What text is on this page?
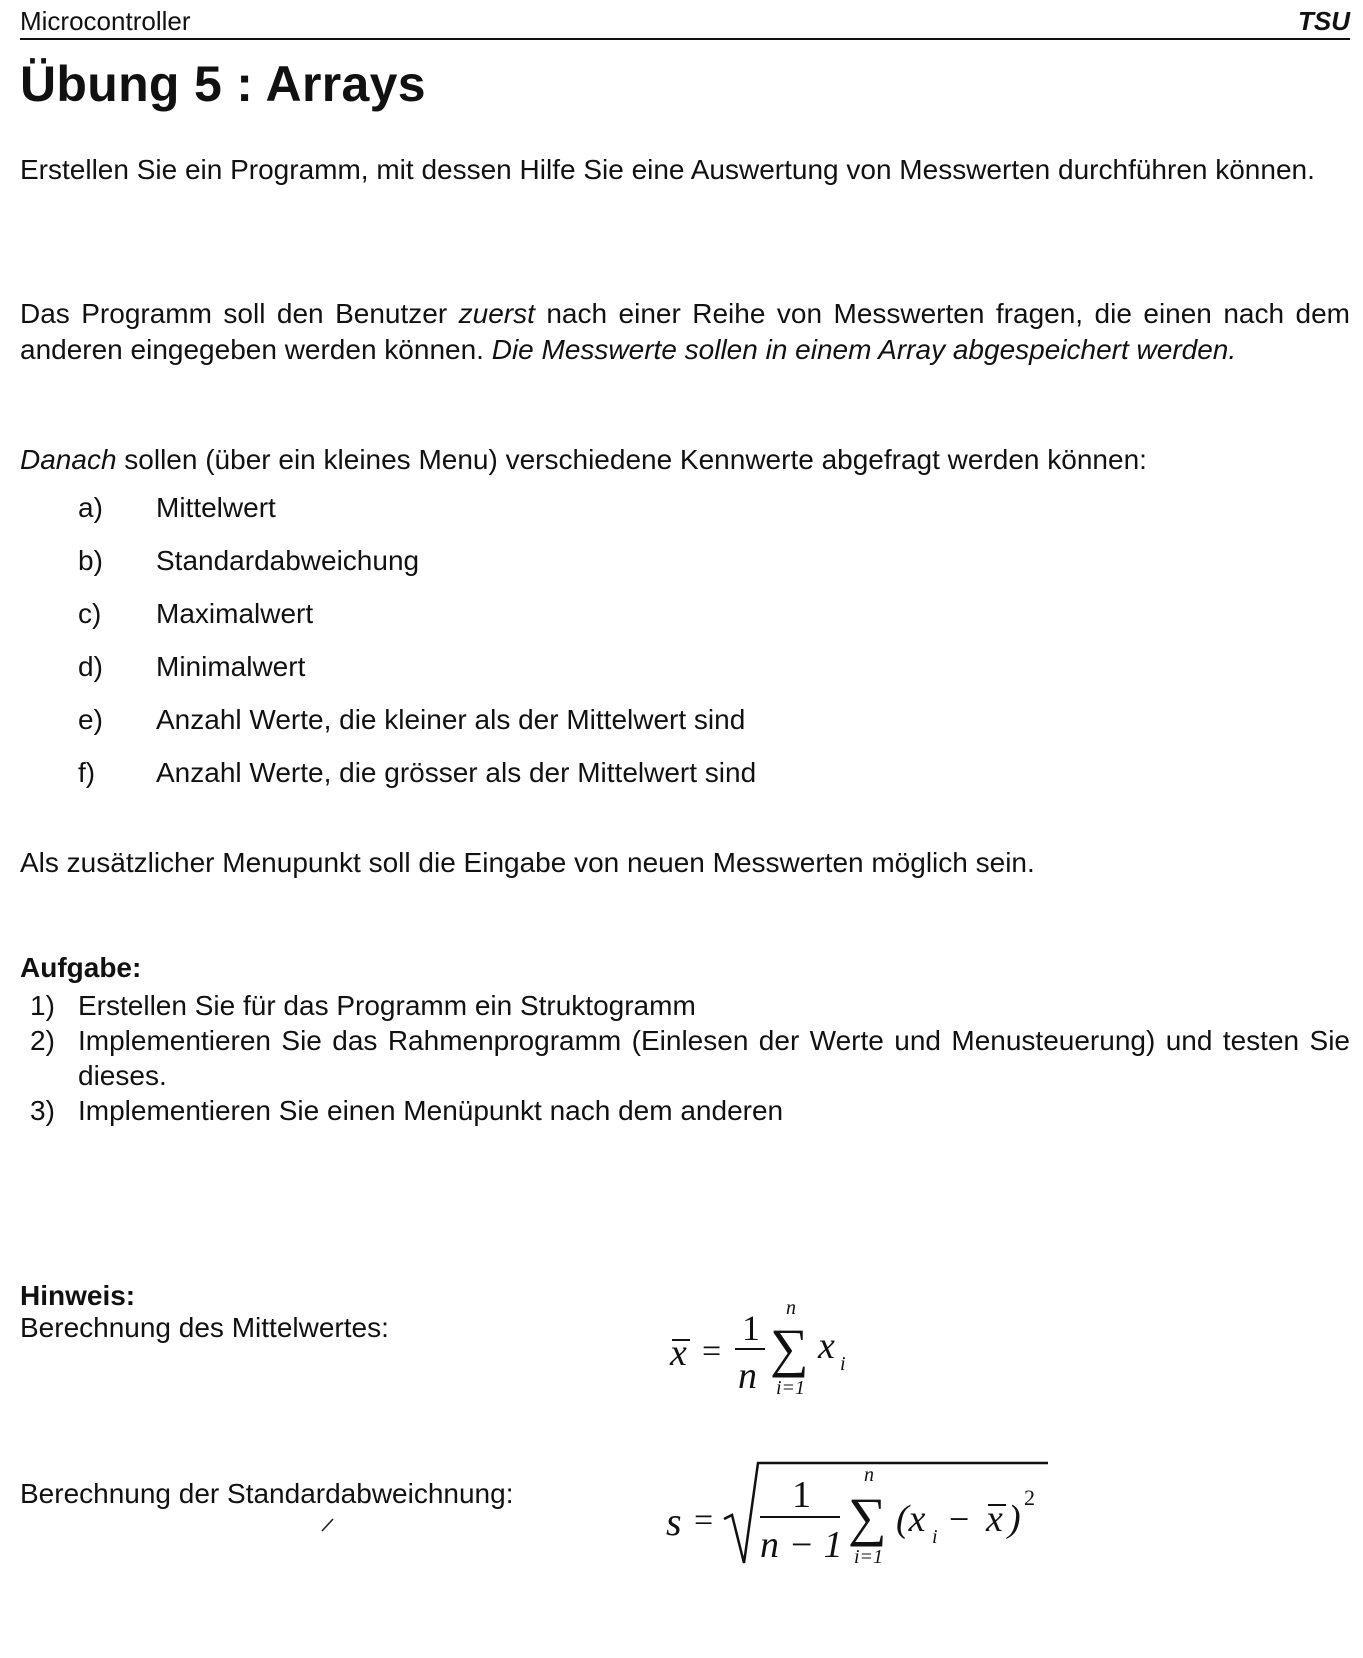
Microcontroller	TSU
Übung 5 : Arrays

Erstellen Sie ein Programm, mit dessen Hilfe Sie eine Auswertung von Messwerten durchführen können.

Das Programm soll den Benutzer zuerst nach einer Reihe von Messwerten fragen, die einen nach dem anderen eingegeben werden können. Die Messwerte sollen in einem Array abgespeichert werden.

Danach sollen (über ein kleines Menu) verschiedene Kennwerte abgefragt werden können:

a) Mittelwert
b) Standardabweichung
c) Maximalwert
d) Minimalwert
e) Anzahl Werte, die kleiner als der Mittelwert sind
f) Anzahl Werte, die grösser als der Mittelwert sind

Als zusätzlicher Menupunkt soll die Eingabe von neuen Messwerten möglich sein.

Aufgabe:

1) Erstellen Sie für das Programm ein Struktogramm
2) Implementieren Sie das Rahmenprogramm (Einlesen der Werte und Menusteuerung) und testen Sie dieses.
3) Implementieren Sie einen Menüpunkt nach dem anderen

Hinweis:

Berechnung des Mittelwertes:

Berechnung der Standardabweichnung:

x =
1
n
n
∑
i=1
x i
s =
1
n − 1
n
∑
i=1
(x i − x )
2
